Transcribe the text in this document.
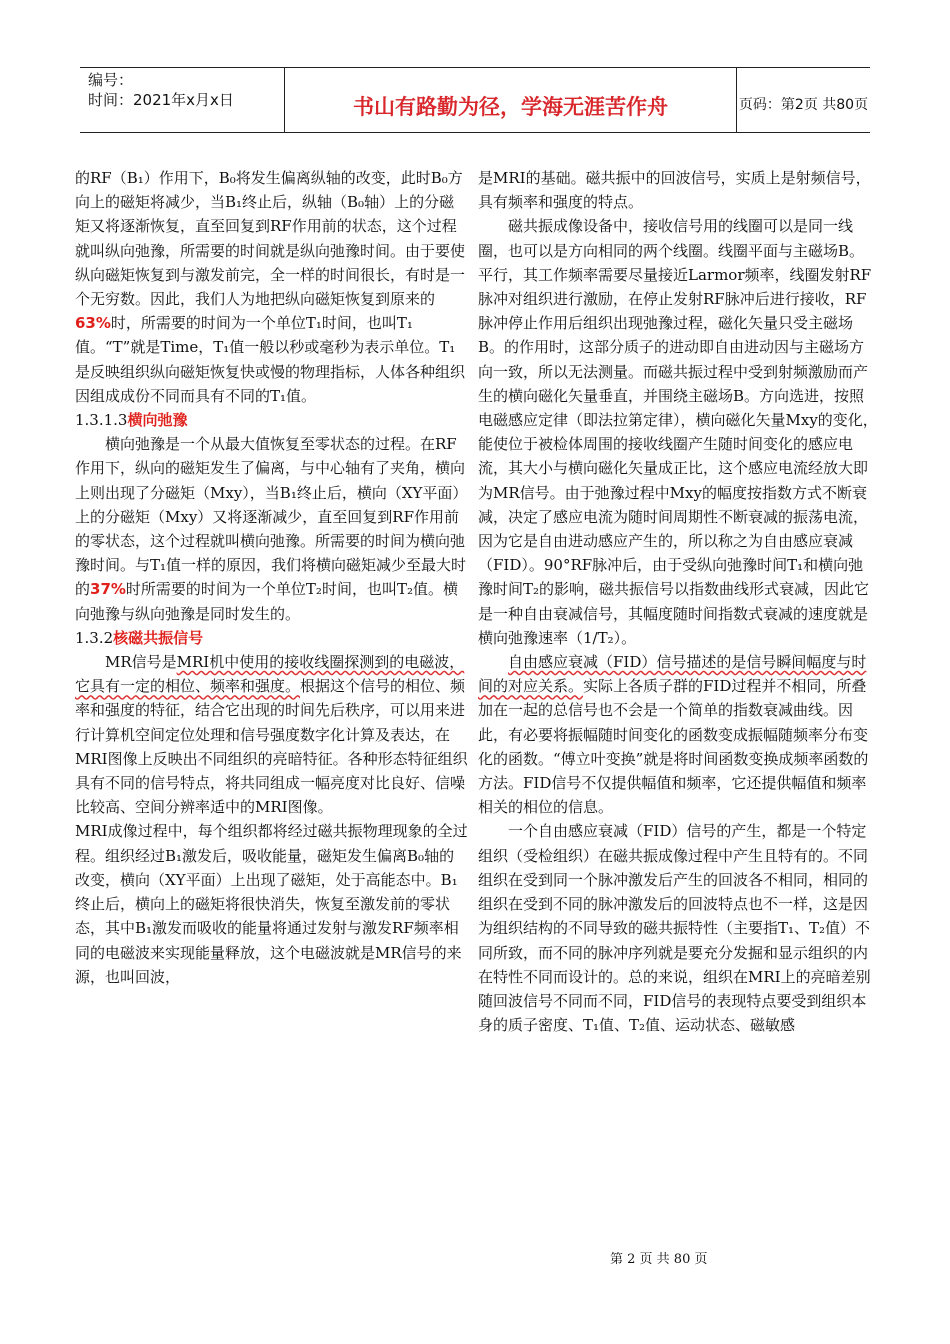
编号：
时间：2021年x月x日	书山有路勤为径，学海无涯苦作舟	页码：第2页 共80页

的RF（B₁）作用下，B₀将发生偏离纵轴的改变，此时B₀方向上的磁矩将减少，当B₁终止后，纵轴（B₀轴）上的分磁矩又将逐渐恢复，直至回复到RF作用前的状态，这个过程就叫纵向弛豫，所需要的时间就是纵向弛豫时间。由于要使纵向磁矩恢复到与激发前完，全一样的时间很长，有时是一个无穷数。因此，我们人为地把纵向磁矩恢复到原来的63%时，所需要的时间为一个单位T₁时间，也叫T₁值。“T”就是Time，T₁值一般以秒或毫秒为表示单位。T₁是反映组织纵向磁矩恢复快或慢的物理指标，人体各种组织因组成成份不同而具有不同的T₁值。

1.3.1.3横向弛豫

横向弛豫是一个从最大值恢复至零状态的过程。在RF作用下，纵向的磁矩发生了偏离，与中心轴有了夹角，横向上则出现了分磁矩（Mxy），当B₁终止后，横向（XY平面）上的分磁矩（Mxy）又将逐渐减少，直至回复到RF作用前的零状态，这个过程就叫横向弛豫。所需要的时间为横向弛豫时间。与T₁值一样的原因，我们将横向磁矩减少至最大时的37%时所需要的时间为一个单位T₂时间，也叫T₂值。横向弛豫与纵向弛豫是同时发生的。

1.3.2核磁共振信号

MR信号是MRI机中使用的接收线圈探测到的电磁波，它具有一定的相位、频率和强度。根据这个信号的相位、频率和强度的特征，结合它出现的时间先后秩序，可以用来进行计算机空间定位处理和信号强度数字化计算及表达，在MRI图像上反映出不同组织的亮暗特征。各种形态特征组织具有不同的信号特点，将共同组成一幅亮度对比良好、信噪比较高、空间分辨率适中的MRI图像。

MRI成像过程中，每个组织都将经过磁共振物理现象的全过程。组织经过B₁激发后，吸收能量，磁矩发生偏离B₀轴的改变，横向（XY平面）上出现了磁矩，处于高能态中。B₁终止后，横向上的磁矩将很快消失，恢复至激发前的零状态，其中B₁激发而吸收的能量将通过发射与激发RF频率相同的电磁波来实现能量释放，这个电磁波就是MR信号的来源，也叫回波，

是MRI的基础。磁共振中的回波信号，实质上是射频信号，具有频率和强度的特点。

磁共振成像设备中，接收信号用的线圈可以是同一线圈，也可以是方向相同的两个线圈。线圈平面与主磁场B。平行，其工作频率需要尽量接近Larmor频率，线圈发射RF脉冲对组织进行激励，在停止发射RF脉冲后进行接收，RF脉冲停止作用后组织出现弛豫过程，磁化矢量只受主磁场B。的作用时，这部分质子的进动即自由进动因与主磁场方向一致，所以无法测量。而磁共振过程中受到射频激励而产生的横向磁化矢量垂直，并围绕主磁场B。方向选进，按照电磁感应定律（即法拉第定律），横向磁化矢量Mxy的变化，能使位于被检体周围的接收线圈产生随时间变化的感应电流，其大小与横向磁化矢量成正比，这个感应电流经放大即为MR信号。由于弛豫过程中Mxy的幅度按指数方式不断衰减，决定了感应电流为随时间周期性不断衰减的振荡电流，因为它是自由进动感应产生的，所以称之为自由感应衰减（FID）。90°RF脉冲后，由于受纵向弛豫时间T₁和横向弛豫时间T₂的影响，磁共振信号以指数曲线形式衰减，因此它是一种自由衰减信号，其幅度随时间指数式衰减的速度就是横向弛豫速率（1/T₂）。

自由感应衰减（FID）信号描述的是信号瞬间幅度与时间的对应关系。实际上各质子群的FID过程并不相同，所叠加在一起的总信号也不会是一个简单的指数衰减曲线。因此，有必要将振幅随时间变化的函数变成振幅随频率分布变化的函数。“傅立叶变换”就是将时间函数变换成频率函数的方法。FID信号不仅提供幅值和频率，它还提供幅值和频率相关的相位的信息。

一个自由感应衰减（FID）信号的产生，都是一个特定组织（受检组织）在磁共振成像过程中产生且特有的。不同组织在受到同一个脉冲激发后产生的回波各不相同，相同的组织在受到不同的脉冲激发后的回波特点也不一样，这是因为组织结构的不同导致的磁共振特性（主要指T₁、T₂值）不同所致，而不同的脉冲序列就是要充分发掘和显示组织的内在特性不同而设计的。总的来说，组织在MRI上的亮暗差别随回波信号不同而不同，FID信号的表现特点要受到组织本身的质子密度、T₁值、T₂值、运动状态、磁敏感

第 2 页 共 80 页
